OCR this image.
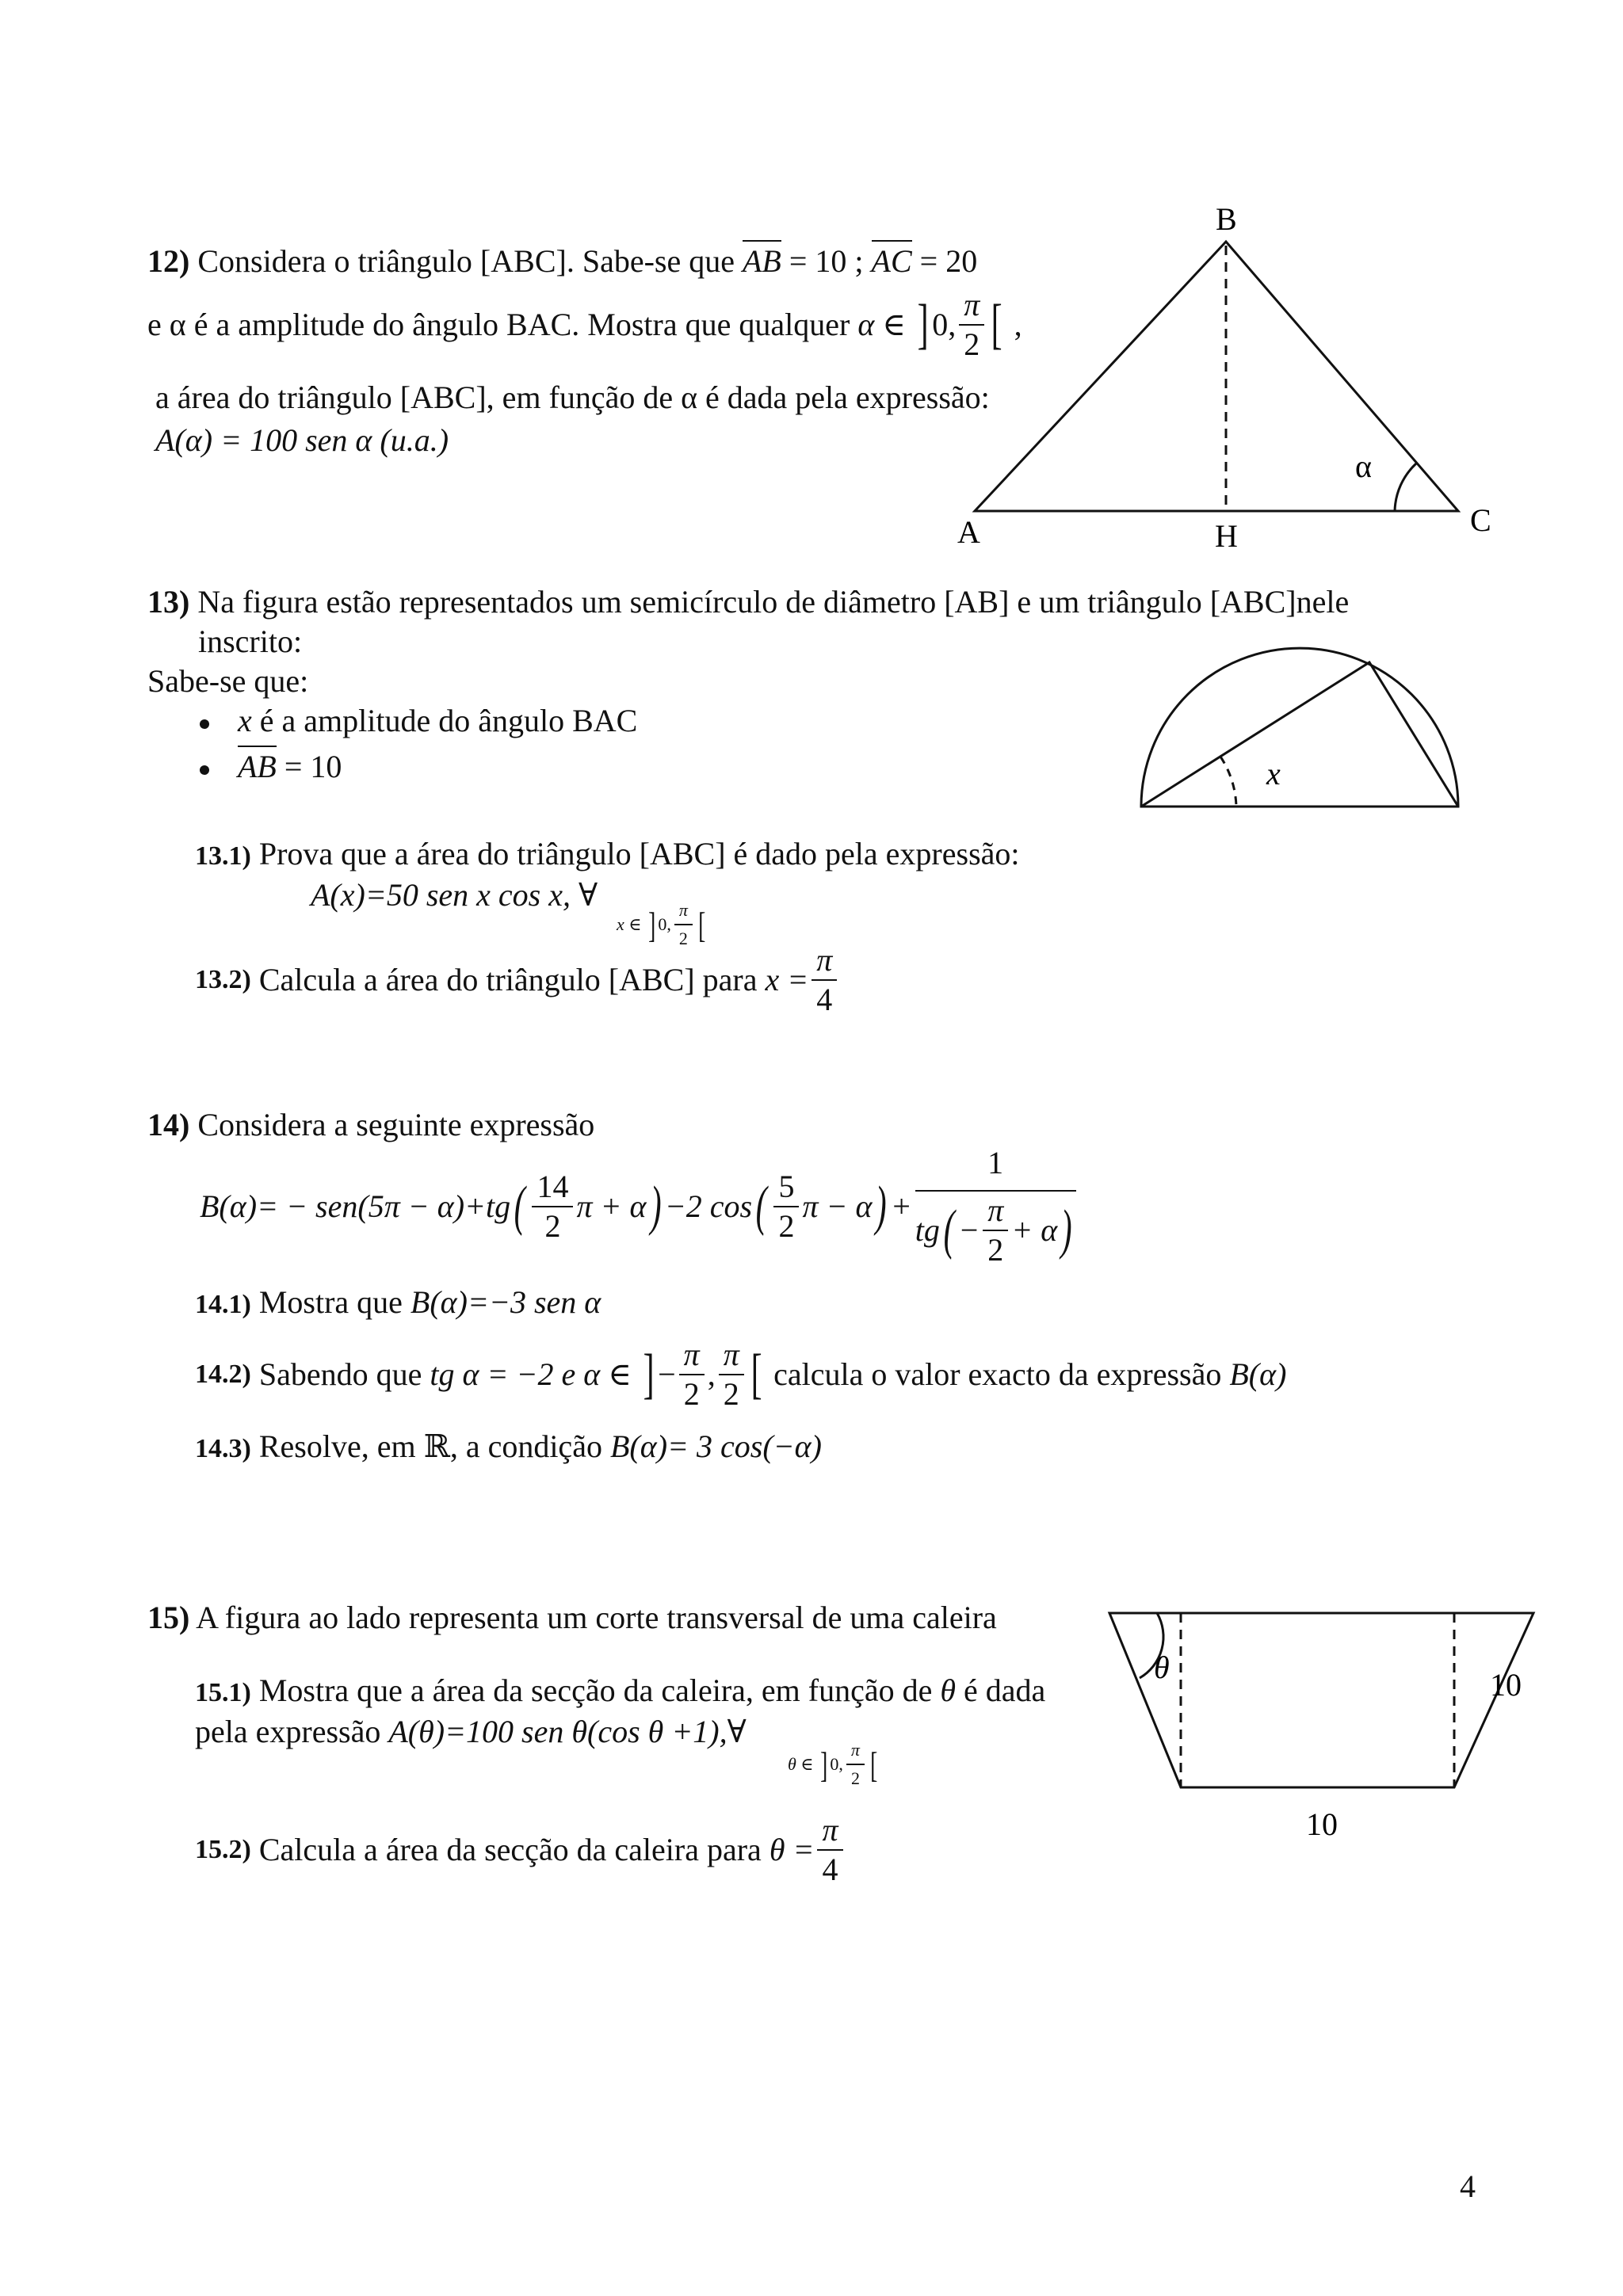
12) Considera o triângulo [ABC]. Sabe-se que AB = 10 ; AC = 20
e α é a amplitude do ângulo BAC. Mostra que qualquer α ∈ ] 0, $\frac{\pi}{2}$ [ ,
a área do triângulo [ABC], em função de α é dada pela expressão:
A(α) = 100 sen α (u.a.)
B
A	C
H
α
13) Na figura estão representados um semicírculo de diâmetro [AB] e um triângulo [ABC]nele
inscrito:
Sabe-se que:
x é a amplitude do ângulo BAC
AB = 10	x
13.1) Prova que a área do triângulo [ABC] é dado pela expressão:
A(x)=50 sen x cos x, ∀
x ∈ ] 0, $\frac{\pi}{2}$ [
13.2) Calcula a área do triângulo [ABC] para $x = \frac{\pi}{4}$
14) Considera a seguinte expressão
$B(\alpha)= - sen(5\pi - \alpha)+tg( \frac{14}{2}$ π + α) −2 $\cos( \frac{5}{2}$ $\pi - \alpha) + \frac{1}{tg( - \frac{\pi}{2} + \alpha)}$
14.1) Mostra que B(α)=−3 sen α
14.2) Sabendo que tg α = −2 e α ∈ ] − $\frac{\pi}{2}$ , $\frac{\pi}{2}$ [ calcula o valor exacto da expressão B(α)
14.3) Resolve, em ℝ, a condição B(α)= 3 cos(−α)
15) A figura ao lado representa um corte transversal de uma caleira
15.1) Mostra que a área da secção da caleira, em função de θ é dada
pela expressão A(θ)=100 sen θ(cos θ +1),∀
θ ∈ ] 0, $\frac{\pi}{2}$ [
15.2) Calcula a área da secção da caleira para $\theta = \frac{\pi}{4}$
θ	10
10
4
